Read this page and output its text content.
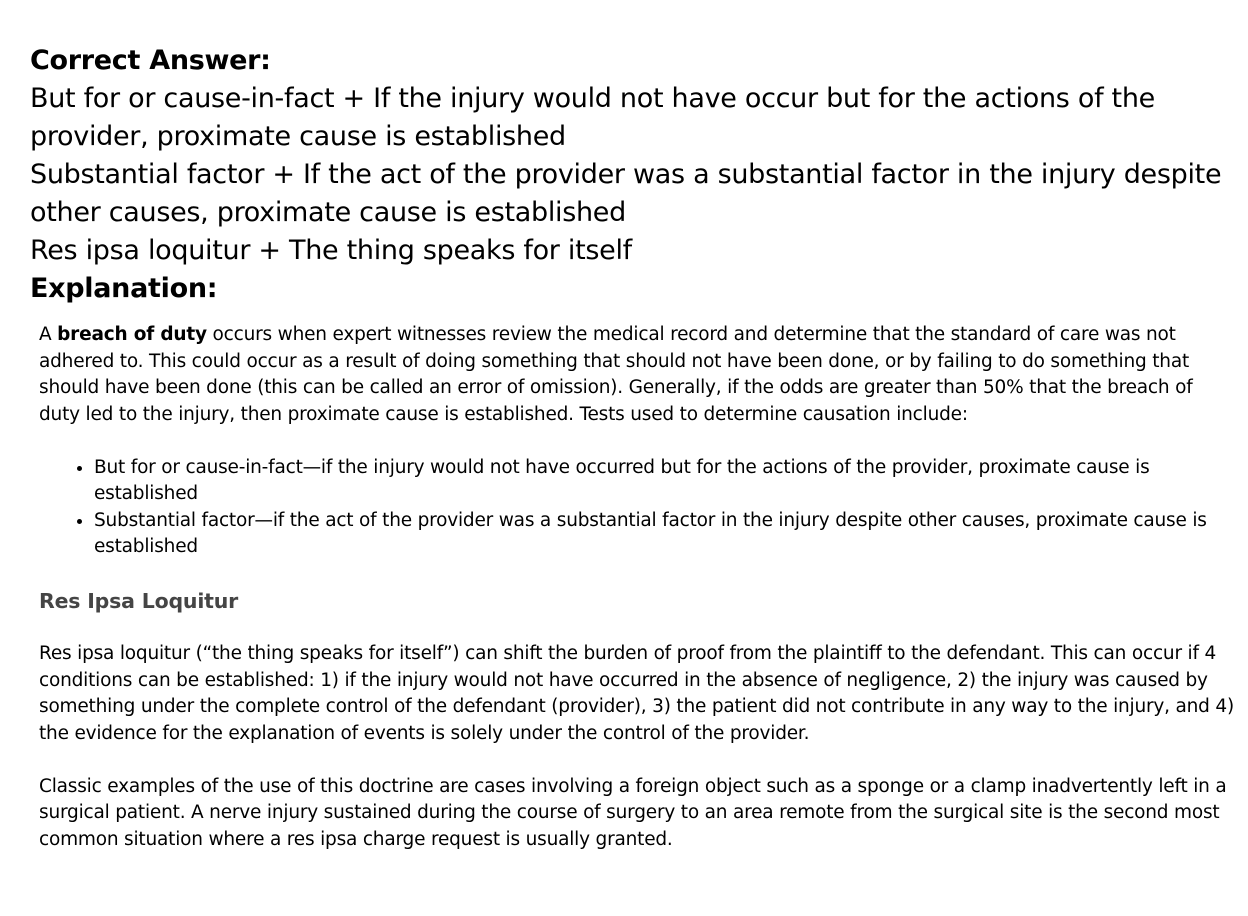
Correct Answer:
But for or cause-in-fact + If the injury would not have occur but for the actions of the provider, proximate cause is established
Substantial factor + If the act of the provider was a substantial factor in the injury despite other causes, proximate cause is established
Res ipsa loquitur + The thing speaks for itself
Explanation:

A breach of duty occurs when expert witnesses review the medical record and determine that the standard of care was not adhered to. This could occur as a result of doing something that should not have been done, or by failing to do something that should have been done (this can be called an error of omission). Generally, if the odds are greater than 50% that the breach of duty led to the injury, then proximate cause is established. Tests used to determine causation include:

• But for or cause-in-fact—if the injury would not have occurred but for the actions of the provider, proximate cause is established
• Substantial factor—if the act of the provider was a substantial factor in the injury despite other causes, proximate cause is established
Res Ipsa Loquitur

Res ipsa loquitur (“the thing speaks for itself”) can shift the burden of proof from the plaintiff to the defendant. This can occur if 4 conditions can be established: 1) if the injury would not have occurred in the absence of negligence, 2) the injury was caused by something under the complete control of the defendant (provider), 3) the patient did not contribute in any way to the injury, and 4) the evidence for the explanation of events is solely under the control of the provider.

Classic examples of the use of this doctrine are cases involving a foreign object such as a sponge or a clamp inadvertently left in a surgical patient. A nerve injury sustained during the course of surgery to an area remote from the surgical site is the second most common situation where a res ipsa charge request is usually granted.
